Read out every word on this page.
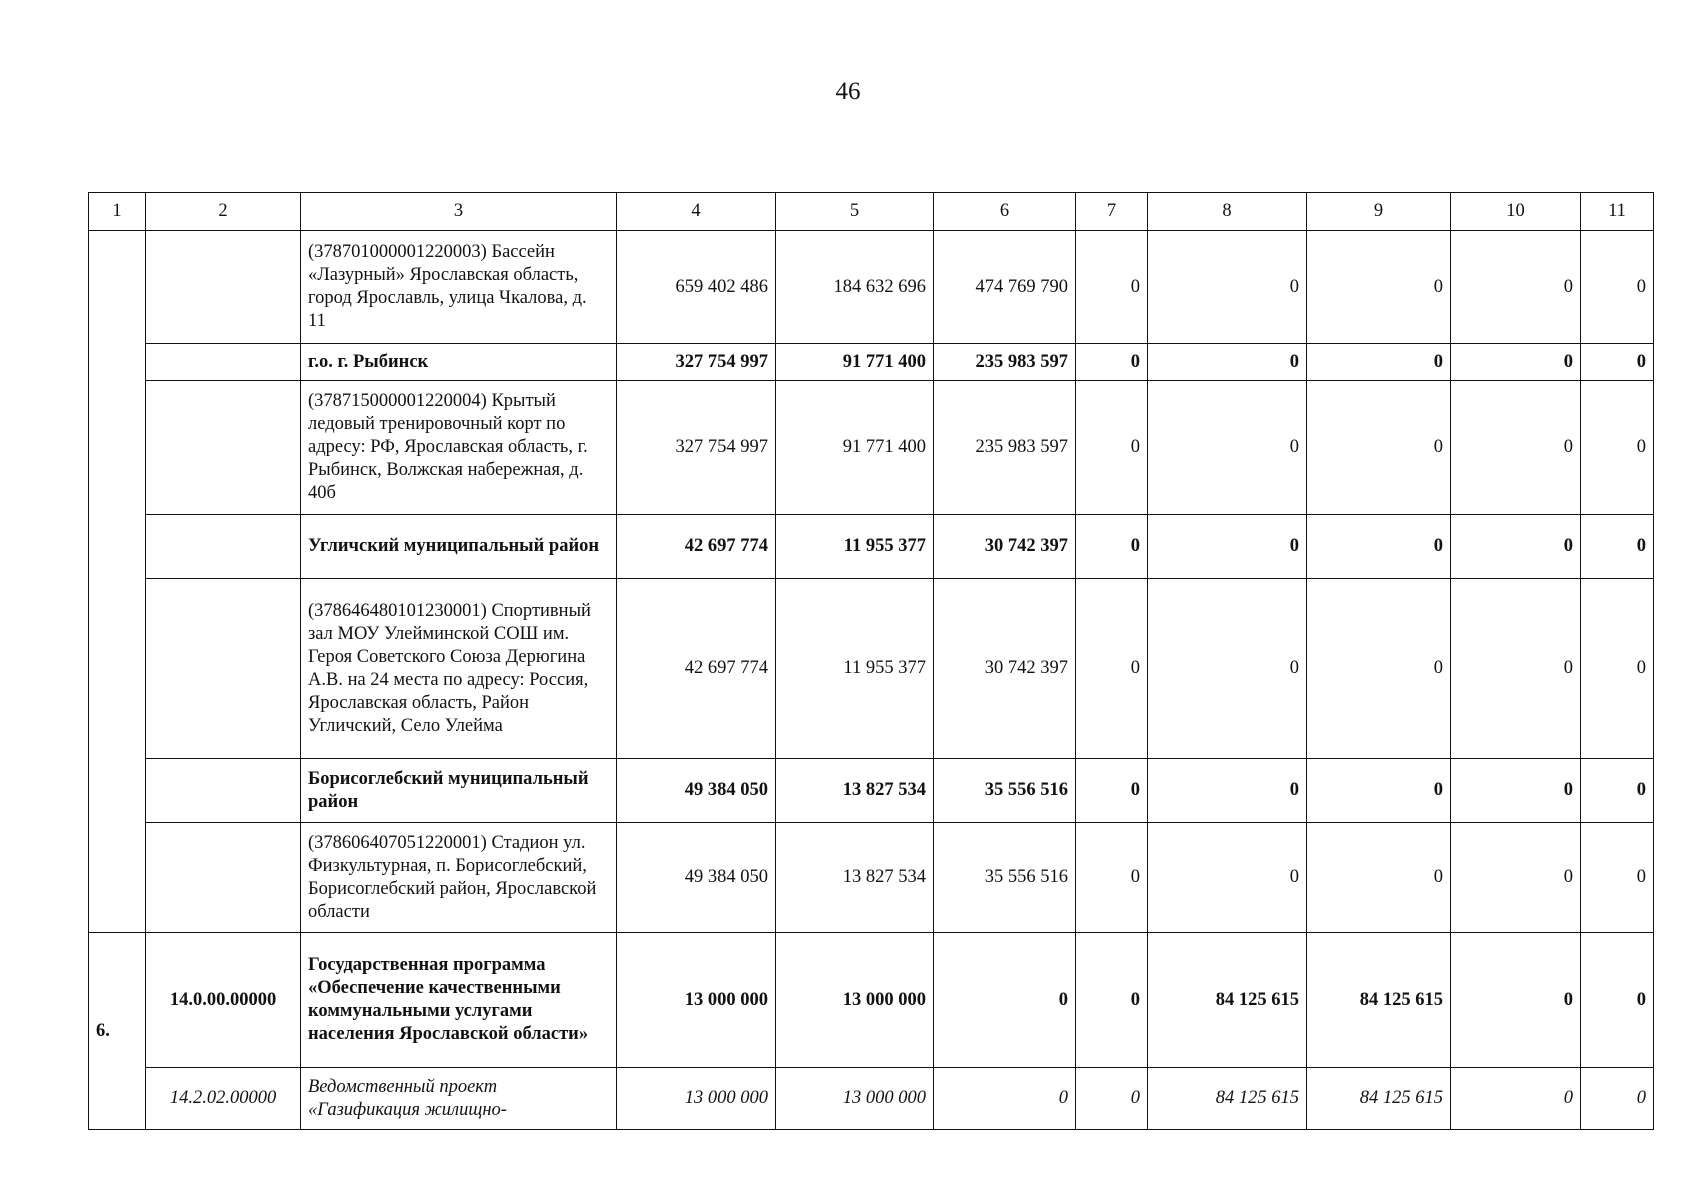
46
1	2	3	4	5	6	7	8	9	10	11
		(378701000001220003) Бассейн «Лазурный» Ярославская область, город Ярославль, улица Чкалова, д. 11	659 402 486	184 632 696	474 769 790	0	0	0	0	0
		г.о. г. Рыбинск	327 754 997	91 771 400	235 983 597	0	0	0	0	0
		(378715000001220004) Крытый ледовый тренировочный корт по адресу: РФ, Ярославская область, г. Рыбинск, Волжская набережная, д. 40б	327 754 997	91 771 400	235 983 597	0	0	0	0	0
		Угличский муниципальный район	42 697 774	11 955 377	30 742 397	0	0	0	0	0
		(378646480101230001) Спортивный зал МОУ Улейминской СОШ им. Героя Советского Союза Дерюгина А.В. на 24 места по адресу: Россия, Ярославская область, Район Угличский, Село Улейма	42 697 774	11 955 377	30 742 397	0	0	0	0	0
		Борисоглебский муниципальный район	49 384 050	13 827 534	35 556 516	0	0	0	0	0
		(378606407051220001) Стадион ул. Физкультурная, п. Борисоглебский, Борисоглебский район, Ярославской области	49 384 050	13 827 534	35 556 516	0	0	0	0	0
6.	14.0.00.00000	Государственная программа «Обеспечение качественными коммунальными услугами населения Ярославской области»	13 000 000	13 000 000	0	0	84 125 615	84 125 615	0	0
	14.2.02.00000	Ведомственный проект «Газификация жилищно-	13 000 000	13 000 000	0	0	84 125 615	84 125 615	0	0
